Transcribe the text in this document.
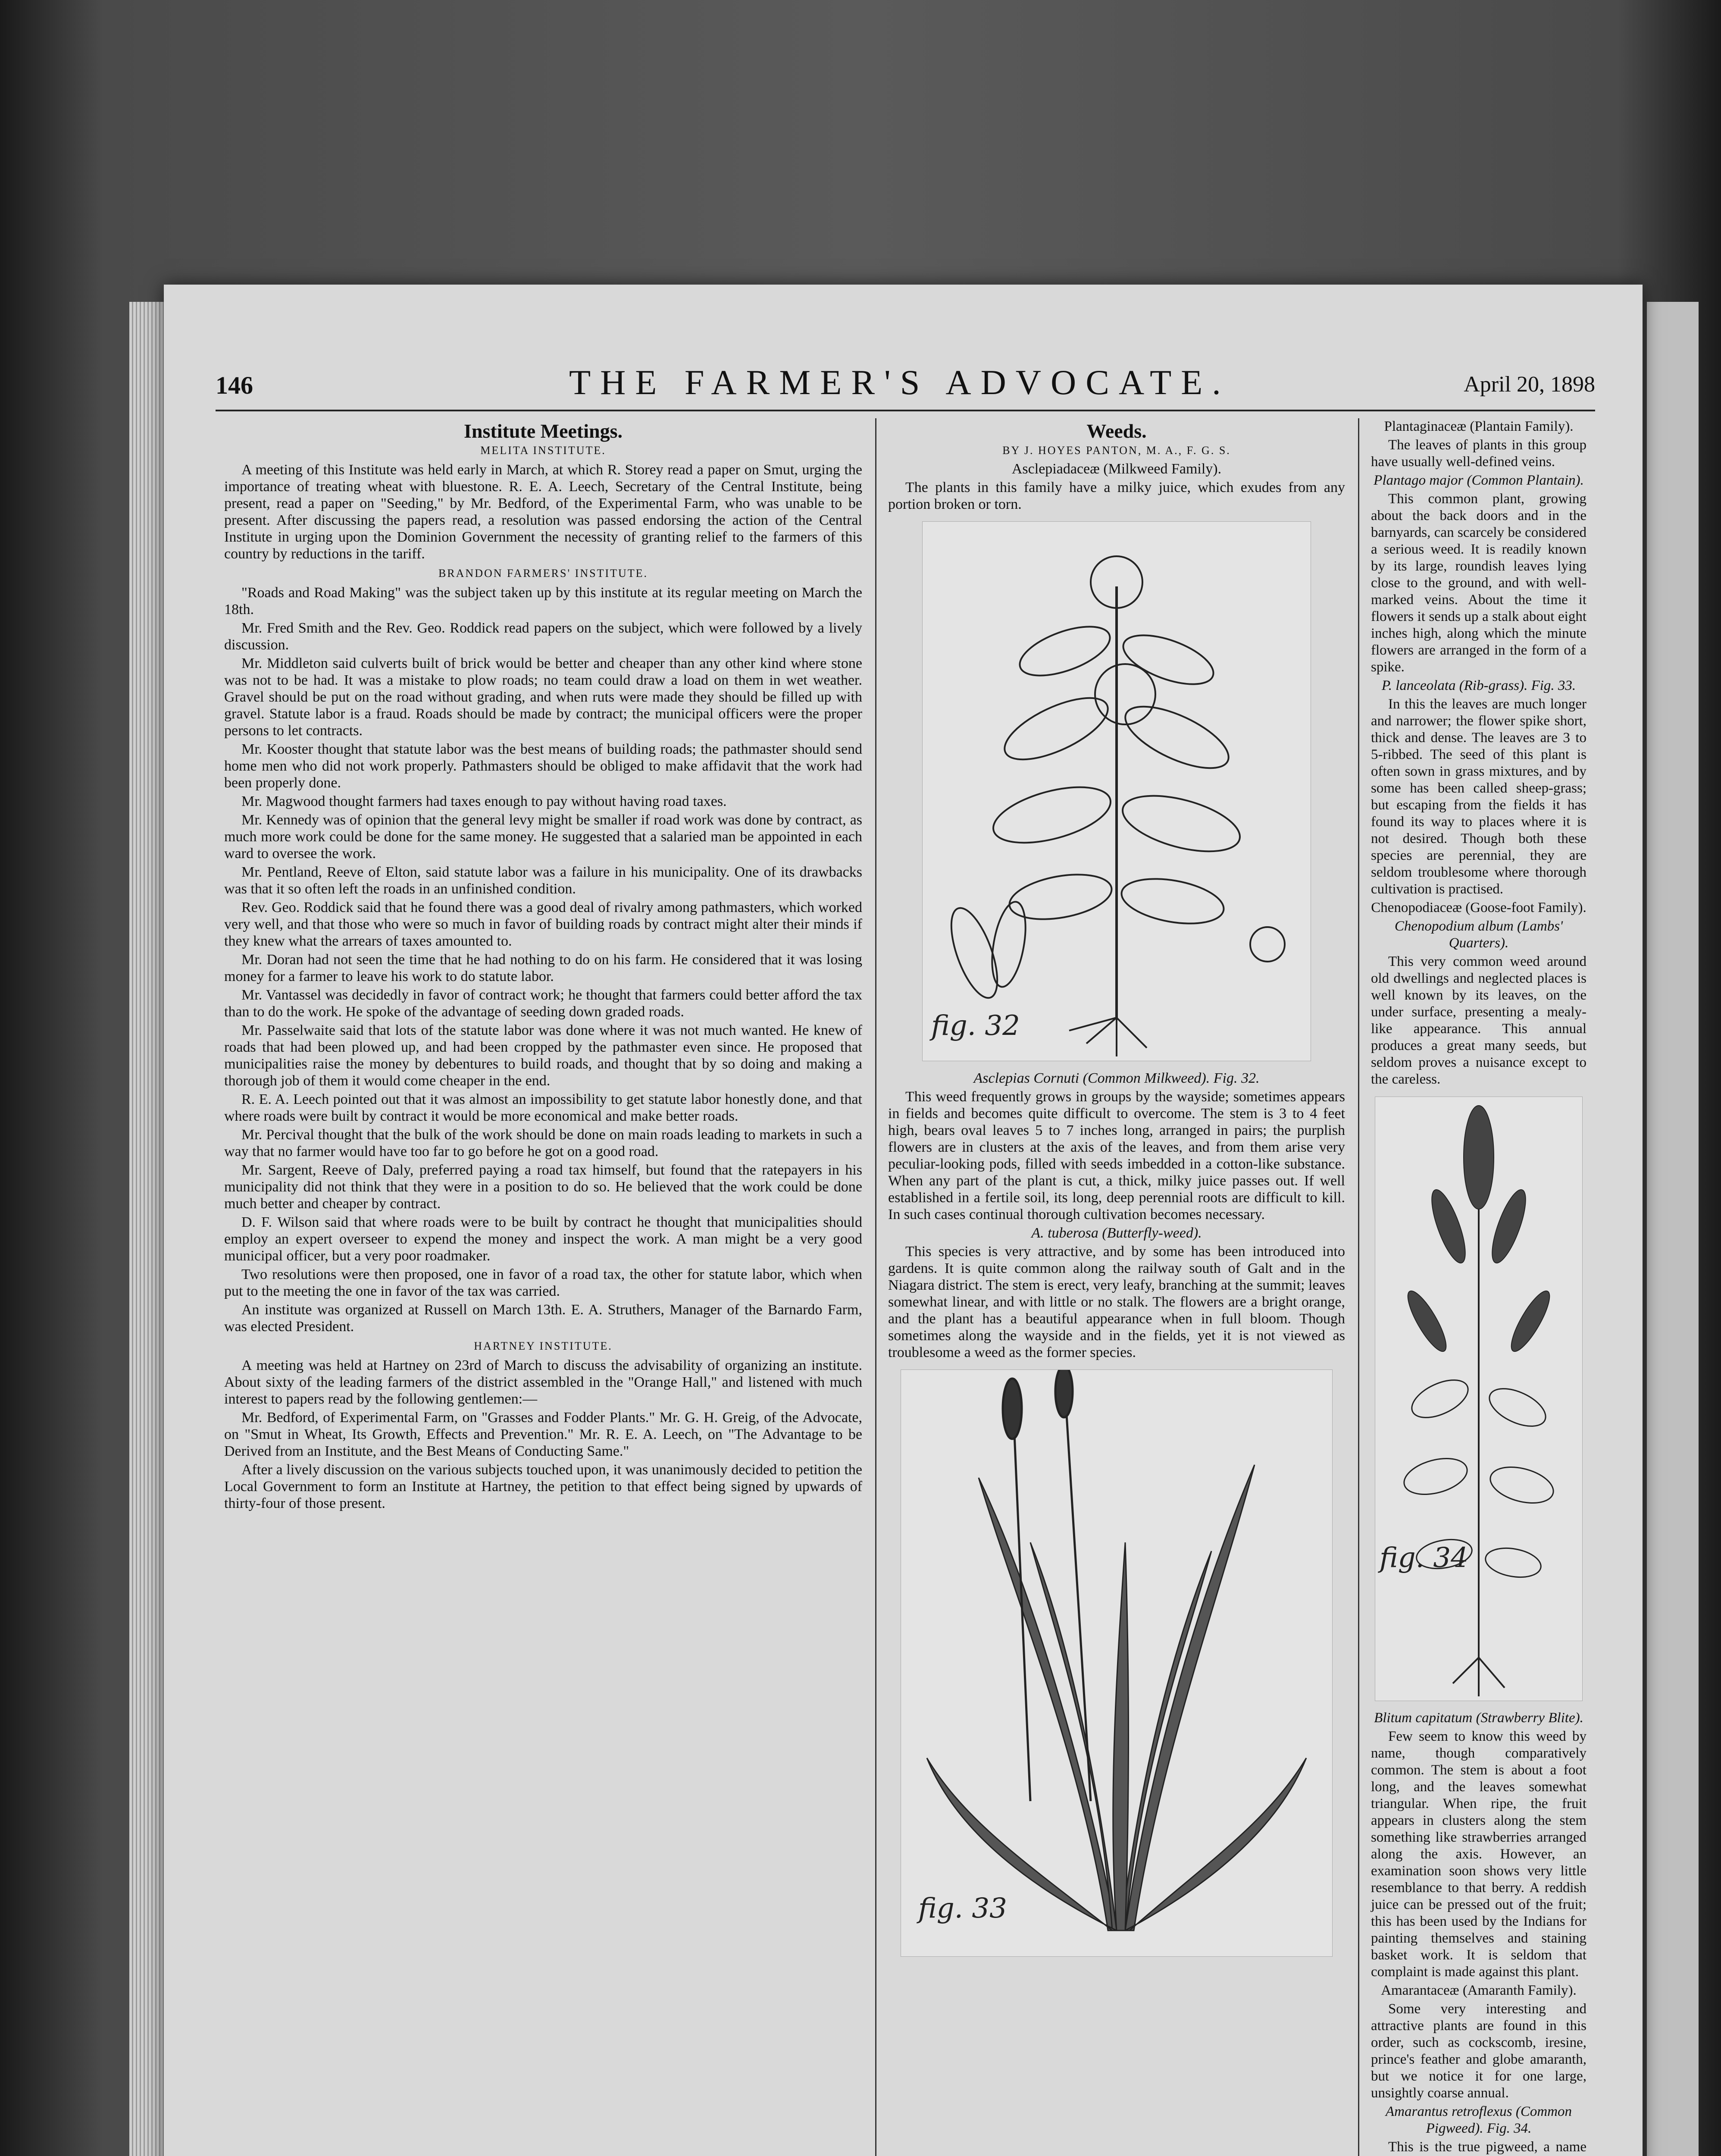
146	THE FARMER'S ADVOCATE.	April 20, 1898
Institute Meetings.
MELITA INSTITUTE.

A meeting of this Institute was held early in March, at which R. Storey read a paper on Smut, urging the importance of treating wheat with bluestone. R. E. A. Leech, Secretary of the Central Institute, being present, read a paper on "Seeding," by Mr. Bedford, of the Experimental Farm, who was unable to be present. After discussing the papers read, a resolution was passed endorsing the action of the Central Institute in urging upon the Dominion Government the necessity of granting relief to the farmers of this country by reductions in the tariff.

BRANDON FARMERS' INSTITUTE.

"Roads and Road Making" was the subject taken up by this institute at its regular meeting on March the 18th.

Mr. Fred Smith and the Rev. Geo. Roddick read papers on the subject, which were followed by a lively discussion.

Mr. Middleton said culverts built of brick would be better and cheaper than any other kind where stone was not to be had. It was a mistake to plow roads; no team could draw a load on them in wet weather. Gravel should be put on the road without grading, and when ruts were made they should be filled up with gravel. Statute labor is a fraud. Roads should be made by contract; the municipal officers were the proper persons to let contracts.

Mr. Kooster thought that statute labor was the best means of building roads; the pathmaster should send home men who did not work properly. Pathmasters should be obliged to make affidavit that the work had been properly done.

Mr. Magwood thought farmers had taxes enough to pay without having road taxes.

Mr. Kennedy was of opinion that the general levy might be smaller if road work was done by contract, as much more work could be done for the same money. He suggested that a salaried man be appointed in each ward to oversee the work.

Mr. Pentland, Reeve of Elton, said statute labor was a failure in his municipality. One of its drawbacks was that it so often left the roads in an unfinished condition.

Rev. Geo. Roddick said that he found there was a good deal of rivalry among pathmasters, which worked very well, and that those who were so much in favor of building roads by contract might alter their minds if they knew what the arrears of taxes amounted to.

Mr. Doran had not seen the time that he had nothing to do on his farm. He considered that it was losing money for a farmer to leave his work to do statute labor.

Mr. Vantassel was decidedly in favor of contract work; he thought that farmers could better afford the tax than to do the work. He spoke of the advantage of seeding down graded roads.

Mr. Passelwaite said that lots of the statute labor was done where it was not much wanted. He knew of roads that had been plowed up, and had been cropped by the pathmaster even since. He proposed that municipalities raise the money by debentures to build roads, and thought that by so doing and making a thorough job of them it would come cheaper in the end.

R. E. A. Leech pointed out that it was almost an impossibility to get statute labor honestly done, and that where roads were built by contract it would be more economical and make better roads.

Mr. Percival thought that the bulk of the work should be done on main roads leading to markets in such a way that no farmer would have too far to go before he got on a good road.

Mr. Sargent, Reeve of Daly, preferred paying a road tax himself, but found that the ratepayers in his municipality did not think that they were in a position to do so. He believed that the work could be done much better and cheaper by contract.

D. F. Wilson said that where roads were to be built by contract he thought that municipalities should employ an expert overseer to expend the money and inspect the work. A man might be a very good municipal officer, but a very poor roadmaker.

Two resolutions were then proposed, one in favor of a road tax, the other for statute labor, which when put to the meeting the one in favor of the tax was carried.

An institute was organized at Russell on March 13th. E. A. Struthers, Manager of the Barnardo Farm, was elected President.

HARTNEY INSTITUTE.

A meeting was held at Hartney on 23rd of March to discuss the advisability of organizing an institute. About sixty of the leading farmers of the district assembled in the "Orange Hall," and listened with much interest to papers read by the following gentlemen:—

Mr. Bedford, of Experimental Farm, on "Grasses and Fodder Plants." Mr. G. H. Greig, of the Advocate, on "Smut in Wheat, Its Growth, Effects and Prevention." Mr. R. E. A. Leech, on "The Advantage to be Derived from an Institute, and the Best Means of Conducting Same."

After a lively discussion on the various subjects touched upon, it was unanimously decided to petition the Local Government to form an Institute at Hartney, the petition to that effect being signed by upwards of thirty-four of those present.

Weeds.
BY J. HOYES PANTON, M. A., F. G. S.

Asclepiadaceæ (Milkweed Family).

The plants in this family have a milky juice, which exudes from any portion broken or torn.

fig. 32

Asclepias Cornuti (Common Milkweed). Fig. 32.

This weed frequently grows in groups by the wayside; sometimes appears in fields and becomes quite difficult to overcome. The stem is 3 to 4 feet high, bears oval leaves 5 to 7 inches long, arranged in pairs; the purplish flowers are in clusters at the axis of the leaves, and from them arise very peculiar-looking pods, filled with seeds imbedded in a cotton-like substance. When any part of the plant is cut, a thick, milky juice passes out. If well established in a fertile soil, its long, deep perennial roots are difficult to kill. In such cases continual thorough cultivation becomes necessary.

A. tuberosa (Butterfly-weed).

This species is very attractive, and by some has been introduced into gardens. It is quite common along the railway south of Galt and in the Niagara district. The stem is erect, very leafy, branching at the summit; leaves somewhat linear, and with little or no stalk. The flowers are a bright orange, and the plant has a beautiful appearance when in full bloom. Though sometimes along the wayside and in the fields, yet it is not viewed as troublesome a weed as the former species.

fig. 33

Plantaginaceæ (Plantain Family).

The leaves of plants in this group have usually well-defined veins.

Plantago major (Common Plantain).

This common plant, growing about the back doors and in the barnyards, can scarcely be considered a serious weed. It is readily known by its large, roundish leaves lying close to the ground, and with well-marked veins. About the time it flowers it sends up a stalk about eight inches high, along which the minute flowers are arranged in the form of a spike.

P. lanceolata (Rib-grass). Fig. 33.

In this the leaves are much longer and narrower; the flower spike short, thick and dense. The leaves are 3 to 5-ribbed. The seed of this plant is often sown in grass mixtures, and by some has been called sheep-grass; but escaping from the fields it has found its way to places where it is not desired. Though both these species are perennial, they are seldom troublesome where thorough cultivation is practised.

Chenopodiaceæ (Goose-foot Family).

Chenopodium album (Lambs' Quarters).

This very common weed around old dwellings and neglected places is well known by its leaves, on the under surface, presenting a mealy-like appearance. This annual produces a great many seeds, but seldom proves a nuisance except to the careless.

fig. 34

Blitum capitatum (Strawberry Blite).

Few seem to know this weed by name, though comparatively common. The stem is about a foot long, and the leaves somewhat triangular. When ripe, the fruit appears in clusters along the stem something like strawberries arranged along the axis. However, an examination soon shows very little resemblance to that berry. A reddish juice can be pressed out of the fruit; this has been used by the Indians for painting themselves and staining basket work. It is seldom that complaint is made against this plant.

Amarantaceæ (Amaranth Family).

Some very interesting and attractive plants are found in this order, such as cockscomb, iresine, prince's feather and globe amaranth, but we notice it for one large, unsightly coarse annual.

Amarantus retroflexus (Common Pigweed). Fig. 34.

This is the true pigweed, a name
